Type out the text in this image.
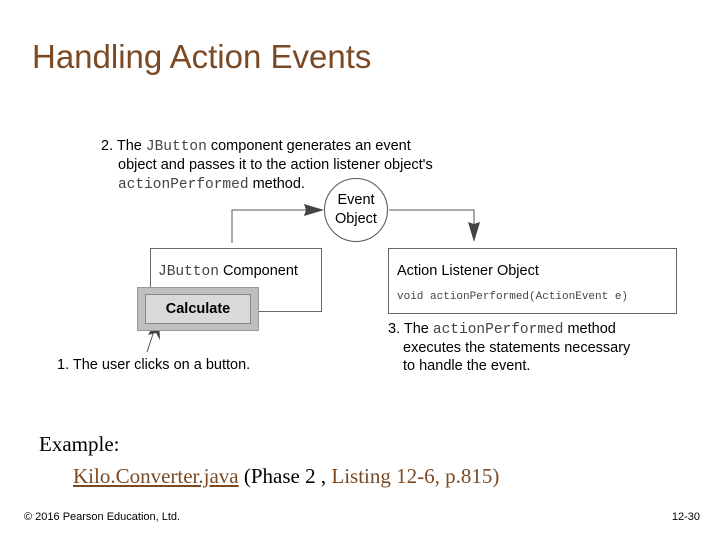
Handling Action Events
2. The JButton component generates an event
object and passes it to the action listener object's
actionPerformed method.
Event
Object
JButton Component
Calculate
Action Listener Object
void actionPerformed(ActionEvent e)
3. The actionPerformed method
executes the statements necessary
to handle the event.
1. The user clicks on a button.
Example:
Kilo.Converter.java (Phase 2 , Listing 12-6, p.815)
© 2016 Pearson Education, Ltd.	12-30
